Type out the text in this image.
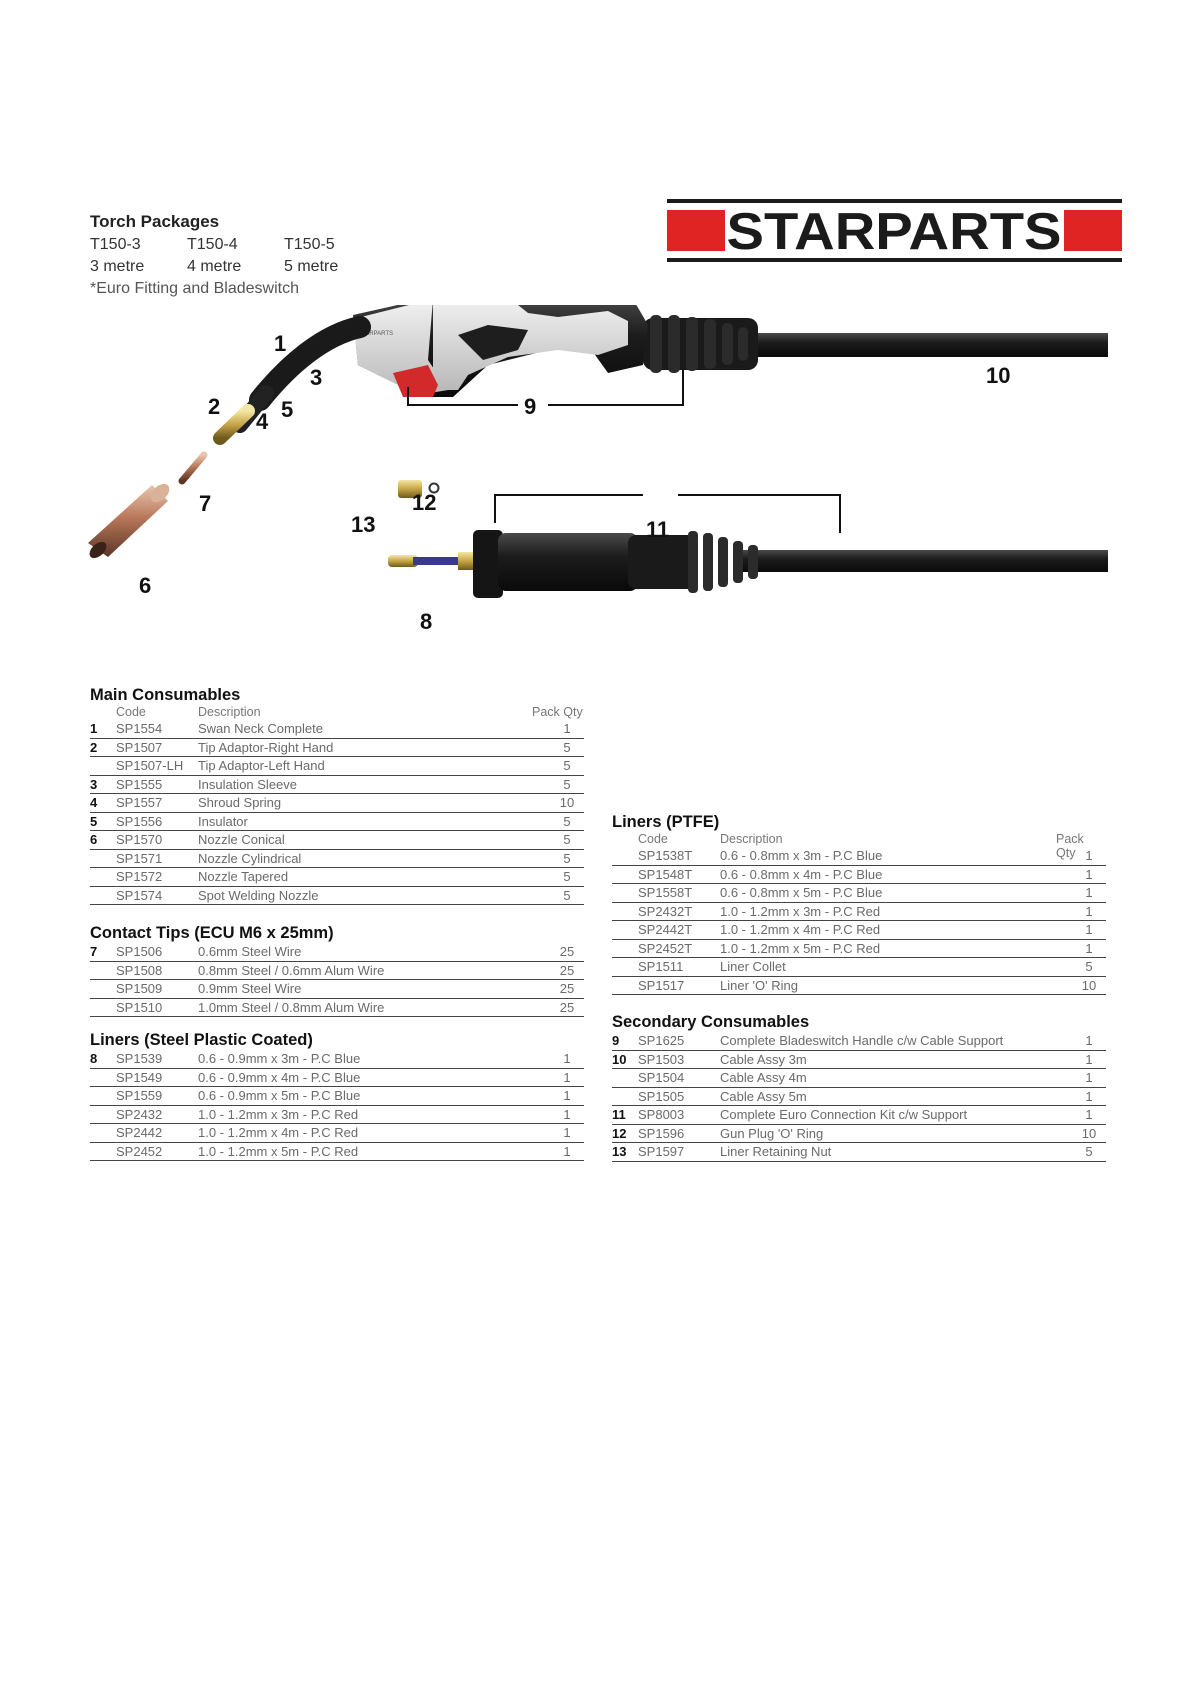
Torch Packages
T150-3	T150-4	T150-5
3 metre	4 metre	5 metre
*Euro Fitting and Bladeswitch
STARPARTS
STARPARTS
1
2
3
4 5
6
7
8
9
10
11
12
13
Main Consumables
Code	Description	Pack Qty
1 SP1554	Swan Neck Complete	1
2 SP1507	Tip Adaptor-Right Hand	5
SP1507-LH Tip Adaptor-Left Hand	5
3 SP1555	Insulation Sleeve	5
4 SP1557	Shroud Spring	10
5 SP1556	Insulator	5
6 SP1570	Nozzle Conical	5
SP1571	Nozzle Cylindrical	5
SP1572	Nozzle Tapered	5
SP1574	Spot Welding Nozzle	5
Contact Tips (ECU M6 x 25mm)
7 SP1506	0.6mm Steel Wire	25
SP1508	0.8mm Steel / 0.6mm Alum Wire	25
SP1509	0.9mm Steel Wire	25
SP1510	1.0mm Steel / 0.8mm Alum Wire	25
Liners (Steel Plastic Coated)
8 SP1539	0.6 - 0.9mm x 3m - P.C Blue	1
SP1549	0.6 - 0.9mm x 4m - P.C Blue	1
SP1559	0.6 - 0.9mm x 5m - P.C Blue	1
SP2432	1.0 - 1.2mm x 3m - P.C Red	1
SP2442	1.0 - 1.2mm x 4m - P.C Red	1
SP2452	1.0 - 1.2mm x 5m - P.C Red	1
Liners (PTFE)
Code	Description	Pack Qty
SP1538T 0.6 - 0.8mm x 3m - P.C Blue	1
SP1548T 0.6 - 0.8mm x 4m - P.C Blue	1
SP1558T 0.6 - 0.8mm x 5m - P.C Blue	1
SP2432T 1.0 - 1.2mm x 3m - P.C Red	1
SP2442T 1.0 - 1.2mm x 4m - P.C Red	1
SP2452T 1.0 - 1.2mm x 5m - P.C Red	1
SP1511	Liner Collet	5
SP1517	Liner 'O' Ring	10
Secondary Consumables
9 SP1625	Complete Bladeswitch Handle c/w Cable Support	1
10 SP1503	Cable Assy 3m	1
SP1504	Cable Assy 4m	1
SP1505	Cable Assy 5m	1
11 SP8003	Complete Euro Connection Kit c/w Support	1
12 SP1596	Gun Plug 'O' Ring	10
13 SP1597	Liner Retaining Nut	5
